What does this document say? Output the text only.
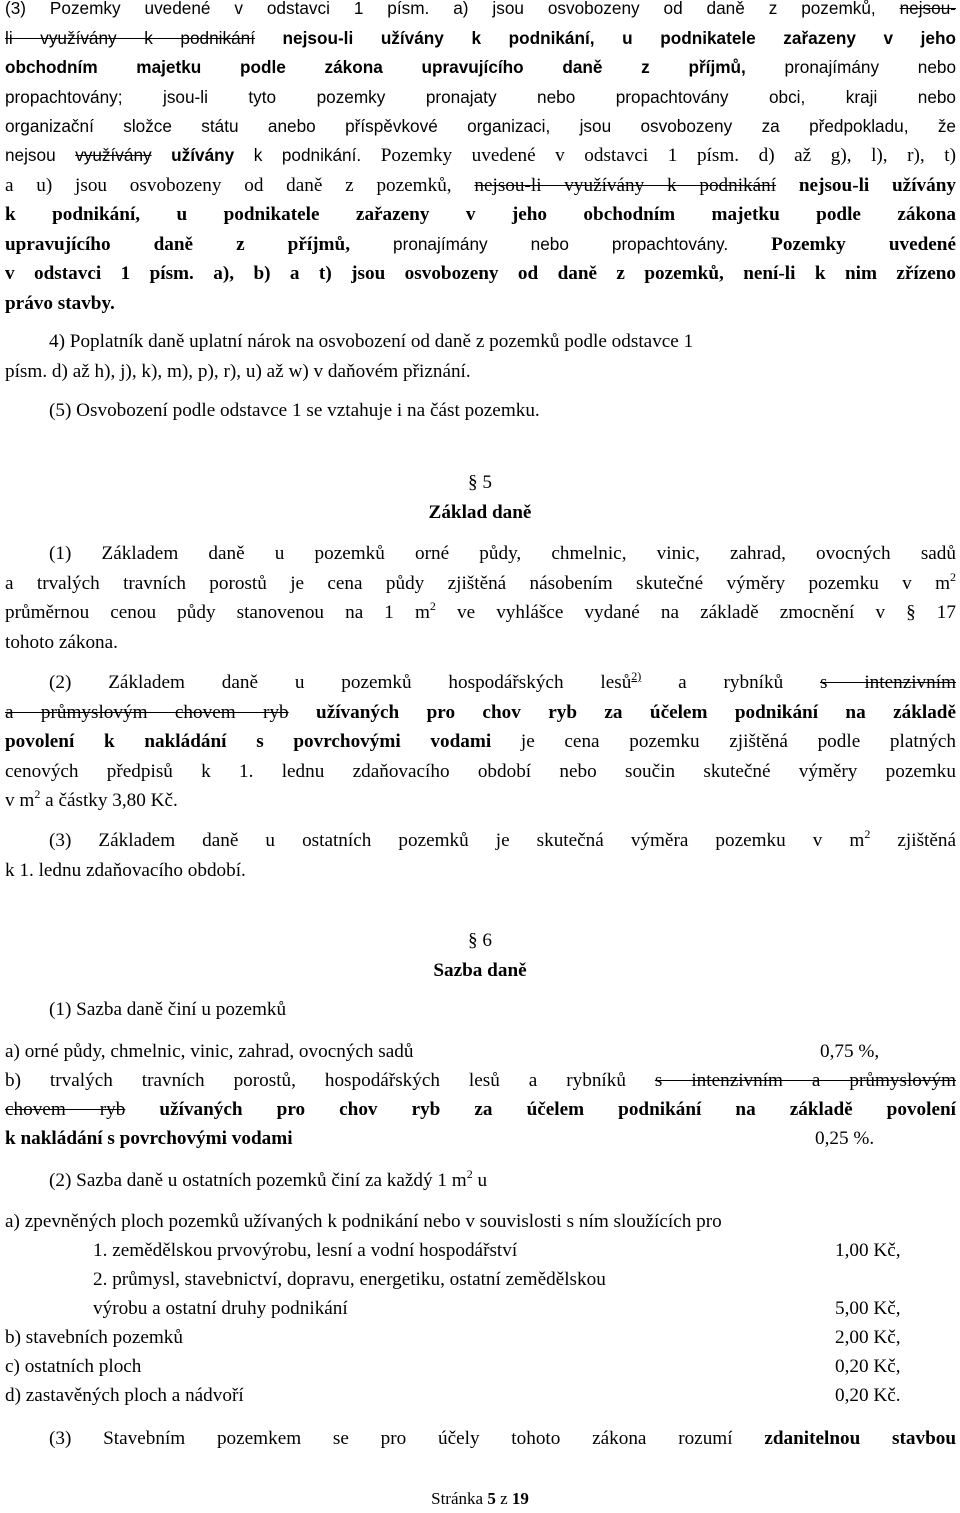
(3) Pozemky uvedené v odstavci 1 písm. a) jsou osvobozeny od daně z pozemků, nejsou-
li využívány k podnikání nejsou-li užívány k podnikání, u podnikatele zařazeny v jeho
obchodním majetku podle zákona upravujícího daně z příjmů, pronajímány nebo
propachtovány; jsou-li tyto pozemky pronajaty nebo propachtovány obci, kraji nebo
organizační složce státu anebo příspěvkové organizaci, jsou osvobozeny za předpokladu, že
nejsou využívány užívány k podnikání. Pozemky uvedené v odstavci 1 písm. d) až g), l), r), t)
a u) jsou osvobozeny od daně z pozemků, nejsou-li využívány k podnikání nejsou-li užívány
k podnikání, u podnikatele zařazeny v jeho obchodním majetku podle zákona
upravujícího daně z příjmů, pronajímány nebo propachtovány. Pozemky uvedené
v odstavci 1 písm. a), b) a t) jsou osvobozeny od daně z pozemků, není-li k nim zřízeno
právo stavby.
4) Poplatník daně uplatní nárok na osvobození od daně z pozemků podle odstavce 1
písm. d) až h), j), k), m), p), r), u) až w) v daňovém přiznání.
(5) Osvobození podle odstavce 1 se vztahuje i na část pozemku.
§ 5
Základ daně
(1) Základem daně u pozemků orné půdy, chmelnic, vinic, zahrad, ovocných sadů
a trvalých travních porostů je cena půdy zjištěná násobením skutečné výměry pozemku v $m^2$
průměrnou cenou půdy stanovenou na 1 $m^2$ ve vyhlášce vydané na základě zmocnění v § 17
tohoto zákona.
(2) Základem daně u pozemků hospodářských lesů$^{2)}$ a rybníků s intenzivním
a průmyslovým chovem ryb užívaných pro chov ryb za účelem podnikání na základě
povolení k nakládání s povrchovými vodami je cena pozemku zjištěná podle platných
cenových předpisů k 1. lednu zdaňovacího období nebo součin skutečné výměry pozemku
v $m^2$ a částky 3,80 Kč.
(3) Základem daně u ostatních pozemků je skutečná výměra pozemku v $m^2$ zjištěná
k 1. lednu zdaňovacího období.
§ 6
Sazba daně
(1) Sazba daně činí u pozemků
a) orné půdy, chmelnic, vinic, zahrad, ovocných sadů	0,75 %,
b) trvalých travních porostů, hospodářských lesů a rybníků s intenzivním a průmyslovým
chovem ryb užívaných pro chov ryb za účelem podnikání na základě povolení
k nakládání s povrchovými vodami	0,25 %.
(2) Sazba daně u ostatních pozemků činí za každý 1 $m^2$ u
a) zpevněných ploch pozemků užívaných k podnikání nebo v souvislosti s ním sloužících pro
1. zemědělskou prvovýrobu, lesní a vodní hospodářství	1,00 Kč,
2. průmysl, stavebnictví, dopravu, energetiku, ostatní zemědělskou
výrobu a ostatní druhy podnikání	5,00 Kč,
b) stavebních pozemků	2,00 Kč,
c) ostatních ploch	0,20 Kč,
d) zastavěných ploch a nádvoří	0,20 Kč.
(3) Stavebním pozemkem se pro účely tohoto zákona rozumí zdanitelnou stavbou
Stránka 5 z 19
